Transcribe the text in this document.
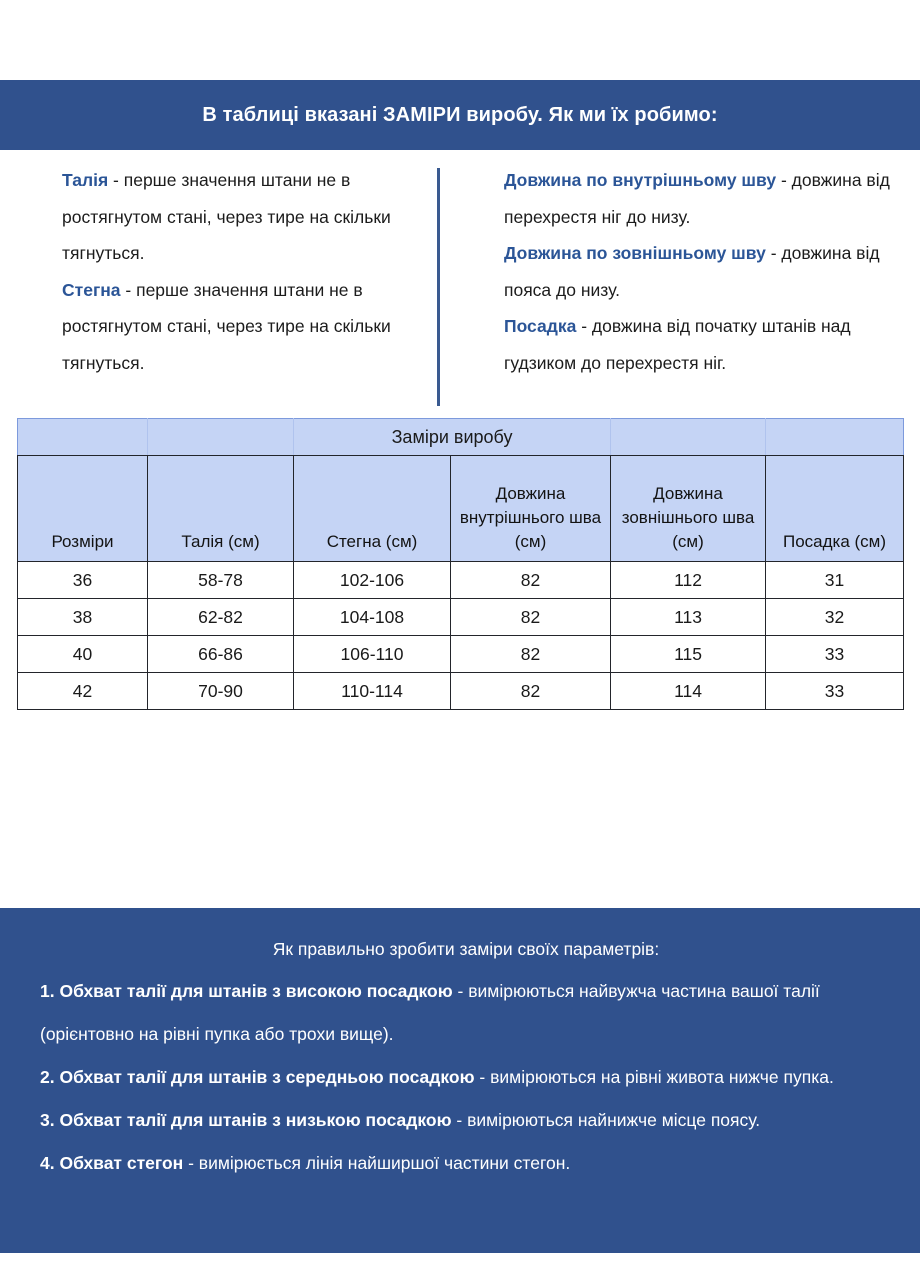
В таблиці вказані ЗАМІРИ виробу. Як ми їх робимо:

Талія - перше значення штани не в ростягнутом стані, через тире на скільки тягнуться.

Стегна - перше значення штани не в ростягнутом стані, через тире на скільки тягнуться.

Довжина по внутрішньому шву - довжина від перехрестя ніг до низу.

Довжина по зовнішньому шву - довжина від пояса до низу.

Посадка - довжина від початку штанів над гудзиком до перехрестя ніг.

		Заміри виробу			
Розміри	Талія (см)	Стегна (см)	Довжина внутрішнього шва (см)	Довжина зовнішнього шва (см)	Посадка (см)
36	58-78	102-106	82	112	31
38	62-82	104-108	82	113	32
40	66-86	106-110	82	115	33
42	70-90	110-114	82	114	33

Як правильно зробити заміри своїх параметрів:

1. Обхват талії для штанів з високою посадкою - вимірюються найвужча частина вашої талії (орієнтовно на рівні пупка або трохи вище).

2. Обхват талії для штанів з середньою посадкою - вимірюються на рівні живота нижче пупка.

3. Обхват талії для штанів з низькою посадкою - вимірюються найнижче місце поясу.

4. Обхват стегон - вимірюється лінія найширшої частини стегон.
